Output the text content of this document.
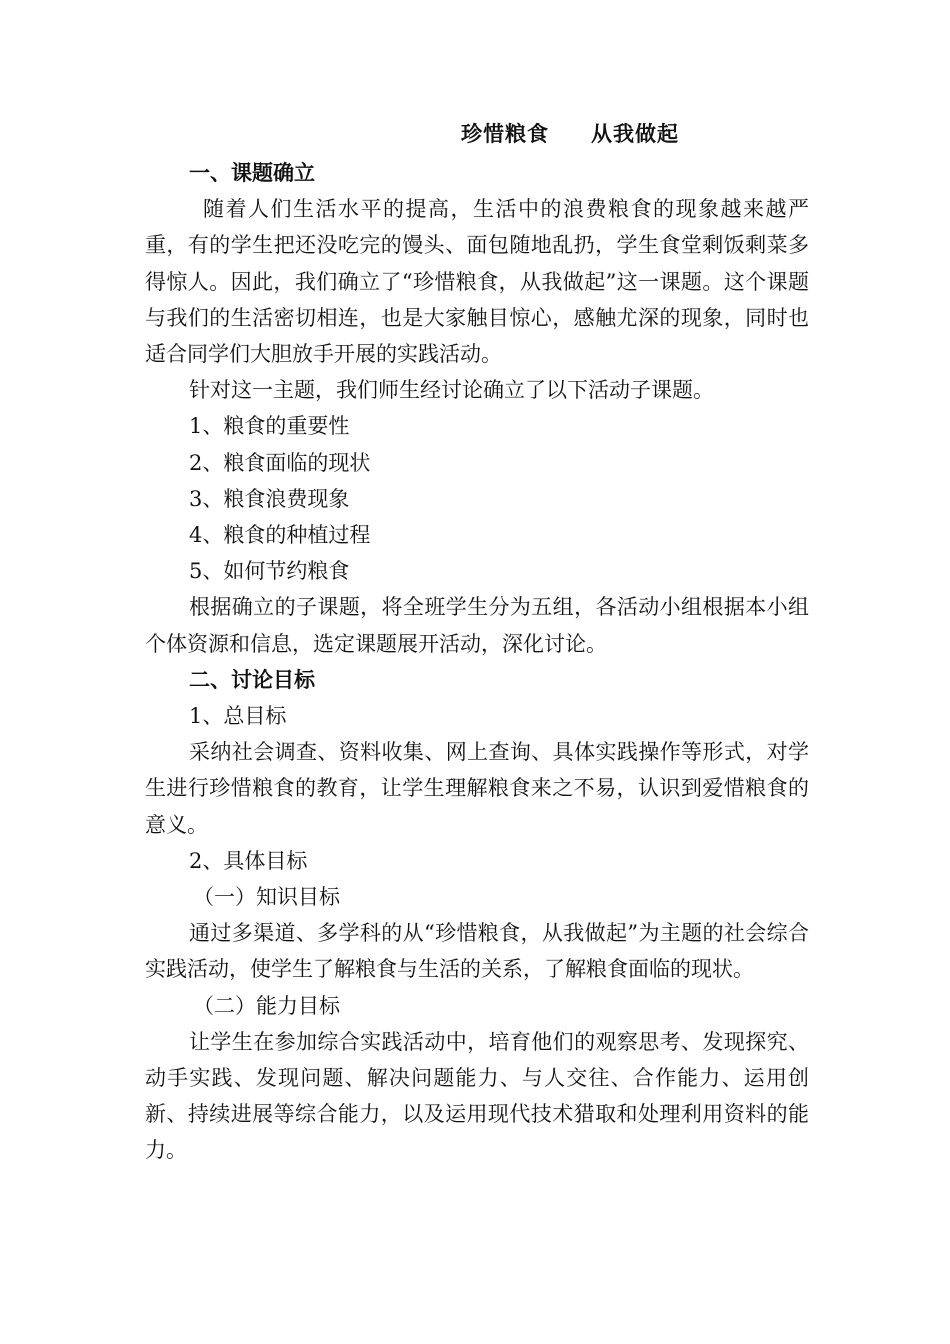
珍惜粮食 从我做起

一、课题确立

随着人们生活水平的提高，生活中的浪费粮食的现象越来越严重，有的学生把还没吃完的馒头、面包随地乱扔，学生食堂剩饭剩菜多得惊人。因此，我们确立了“珍惜粮食，从我做起”这一课题。这个课题与我们的生活密切相连，也是大家触目惊心，感触尤深的现象，同时也适合同学们大胆放手开展的实践活动。

针对这一主题，我们师生经讨论确立了以下活动子课题。

1、粮食的重要性

2、粮食面临的现状

3、粮食浪费现象

4、粮食的种植过程

5、如何节约粮食

根据确立的子课题，将全班学生分为五组，各活动小组根据本小组个体资源和信息，选定课题展开活动，深化讨论。

二、讨论目标

1、总目标

采纳社会调查、资料收集、网上查询、具体实践操作等形式，对学生进行珍惜粮食的教育，让学生理解粮食来之不易，认识到爱惜粮食的意义。

2、具体目标

（一）知识目标

通过多渠道、多学科的从“珍惜粮食，从我做起”为主题的社会综合实践活动，使学生了解粮食与生活的关系，了解粮食面临的现状。

（二）能力目标

让学生在参加综合实践活动中，培育他们的观察思考、发现探究、动手实践、发现问题、解决问题能力、与人交往、合作能力、运用创新、持续进展等综合能力，以及运用现代技术猎取和处理利用资料的能力。
